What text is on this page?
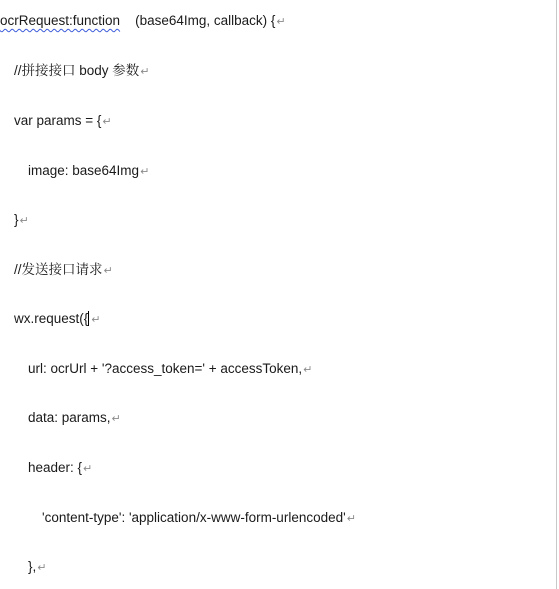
ocrRequest:function    (base64Img, callback) {↵
//拼接接口 body 参数↵
var params = {↵
image: base64Img↵
}↵
//发送接口请求↵
wx.request({ ↵
url: ocrUrl + '?access_token=' + accessToken,↵
data: params,↵
header: {↵
'content-type': 'application/x-www-form-urlencoded'↵
},↵
